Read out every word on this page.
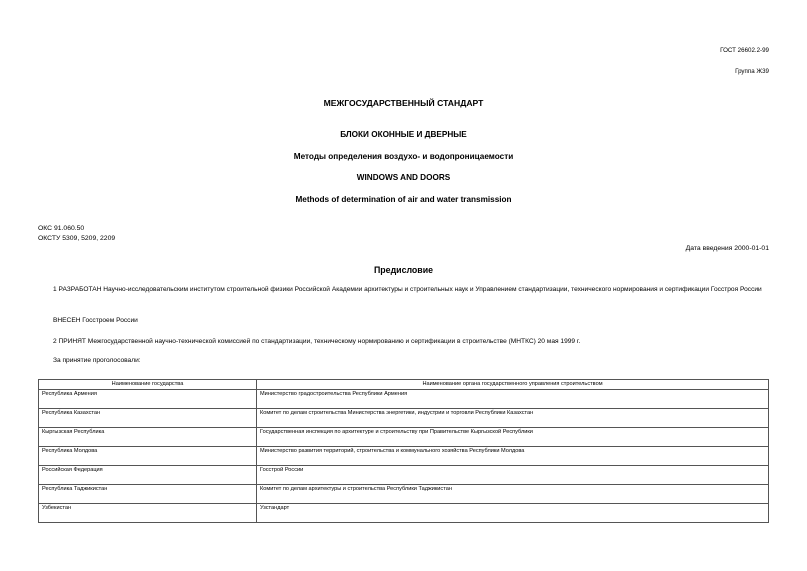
ГОСТ 26602.2-99
Группа Ж39
МЕЖГОСУДАРСТВЕННЫЙ СТАНДАРТ
БЛОКИ ОКОННЫЕ И ДВЕРНЫЕ
Методы определения воздухо- и водопроницаемости
WINDOWS AND DOORS
Methods of determination of air and water transmission
ОКС 91.060.50
ОКСТУ 5309, 5209, 2209
Дата введения 2000-01-01
Предисловие
1 РАЗРАБОТАН Научно-исследовательским институтом строительной физики Российской Академии архитектуры и строительных наук и Управлением стандартизации, технического нормирования и сертификации Госстроя России
ВНЕСЕН Госстроем России
2 ПРИНЯТ Межгосударственной научно-технической комиссией по стандартизации, техническому нормированию и сертификации в строительстве (МНТКС) 20 мая 1999 г.
За принятие проголосовали:
Наименование государства	Наименование органа государственного управления строительством
Республика Армения	Министерство градостроительства Республики Армения
Республика Казахстан	Комитет по делам строительства Министерства энергетики, индустрии и торговли Республики Казахстан
Кыргызская Республика	Государственная инспекция по архитектуре и строительству при Правительстве Кыргызской Республики
Республика Молдова	Министерство развития территорий, строительства и коммунального хозяйства Республики Молдова
Российская Федерация	Госстрой России
Республика Таджикистан	Комитет по делам архитектуры и строительства Республики Таджикистан
Узбекистан	Узстандарт
